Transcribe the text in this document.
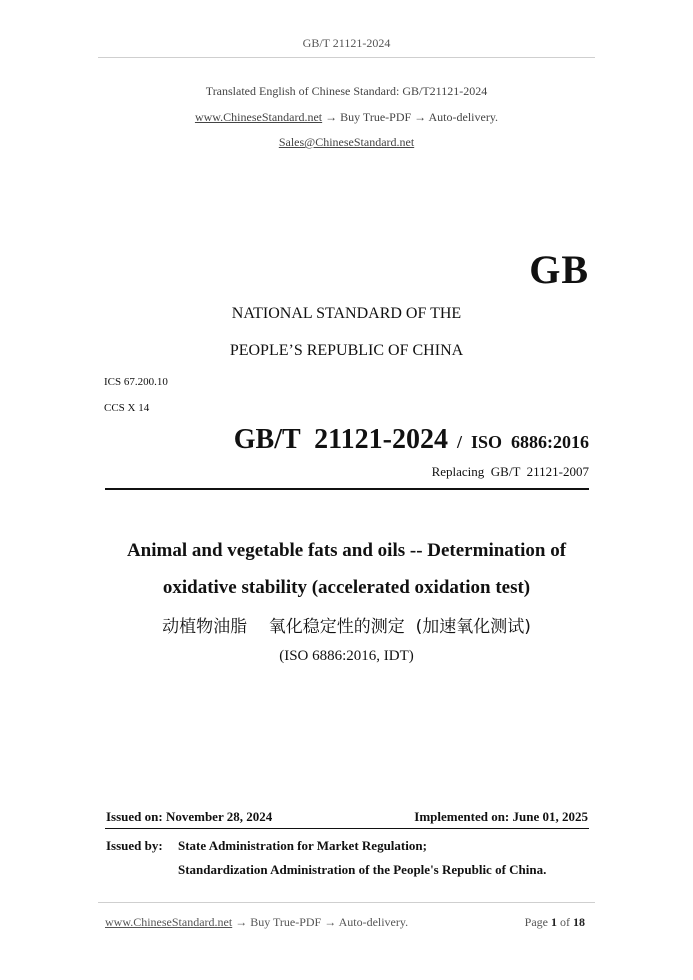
GB/T 21121-2024
Translated English of Chinese Standard: GB/T21121-2024
www.ChineseStandard.net → Buy True-PDF → Auto-delivery.
Sales@ChineseStandard.net
GB
NATIONAL STANDARD OF THE
PEOPLE’S REPUBLIC OF CHINA
ICS 67.200.10
CCS X 14
GB/T  21121-2024  /  ISO  6886:2016
Replacing  GB/T  21121-2007
Animal and vegetable fats and oils -- Determination of
oxidative stability (accelerated oxidation test)
动植物油脂    氧化稳定性的测定  (加速氧化测试)
(ISO 6886:2016, IDT)
Issued on: November 28, 2024	Implemented on: June 01, 2025
Issued by: State Administration for Market Regulation;
Standardization Administration of the People's Republic of China.
www.ChineseStandard.net → Buy True-PDF → Auto-delivery.	Page 1 of 18
